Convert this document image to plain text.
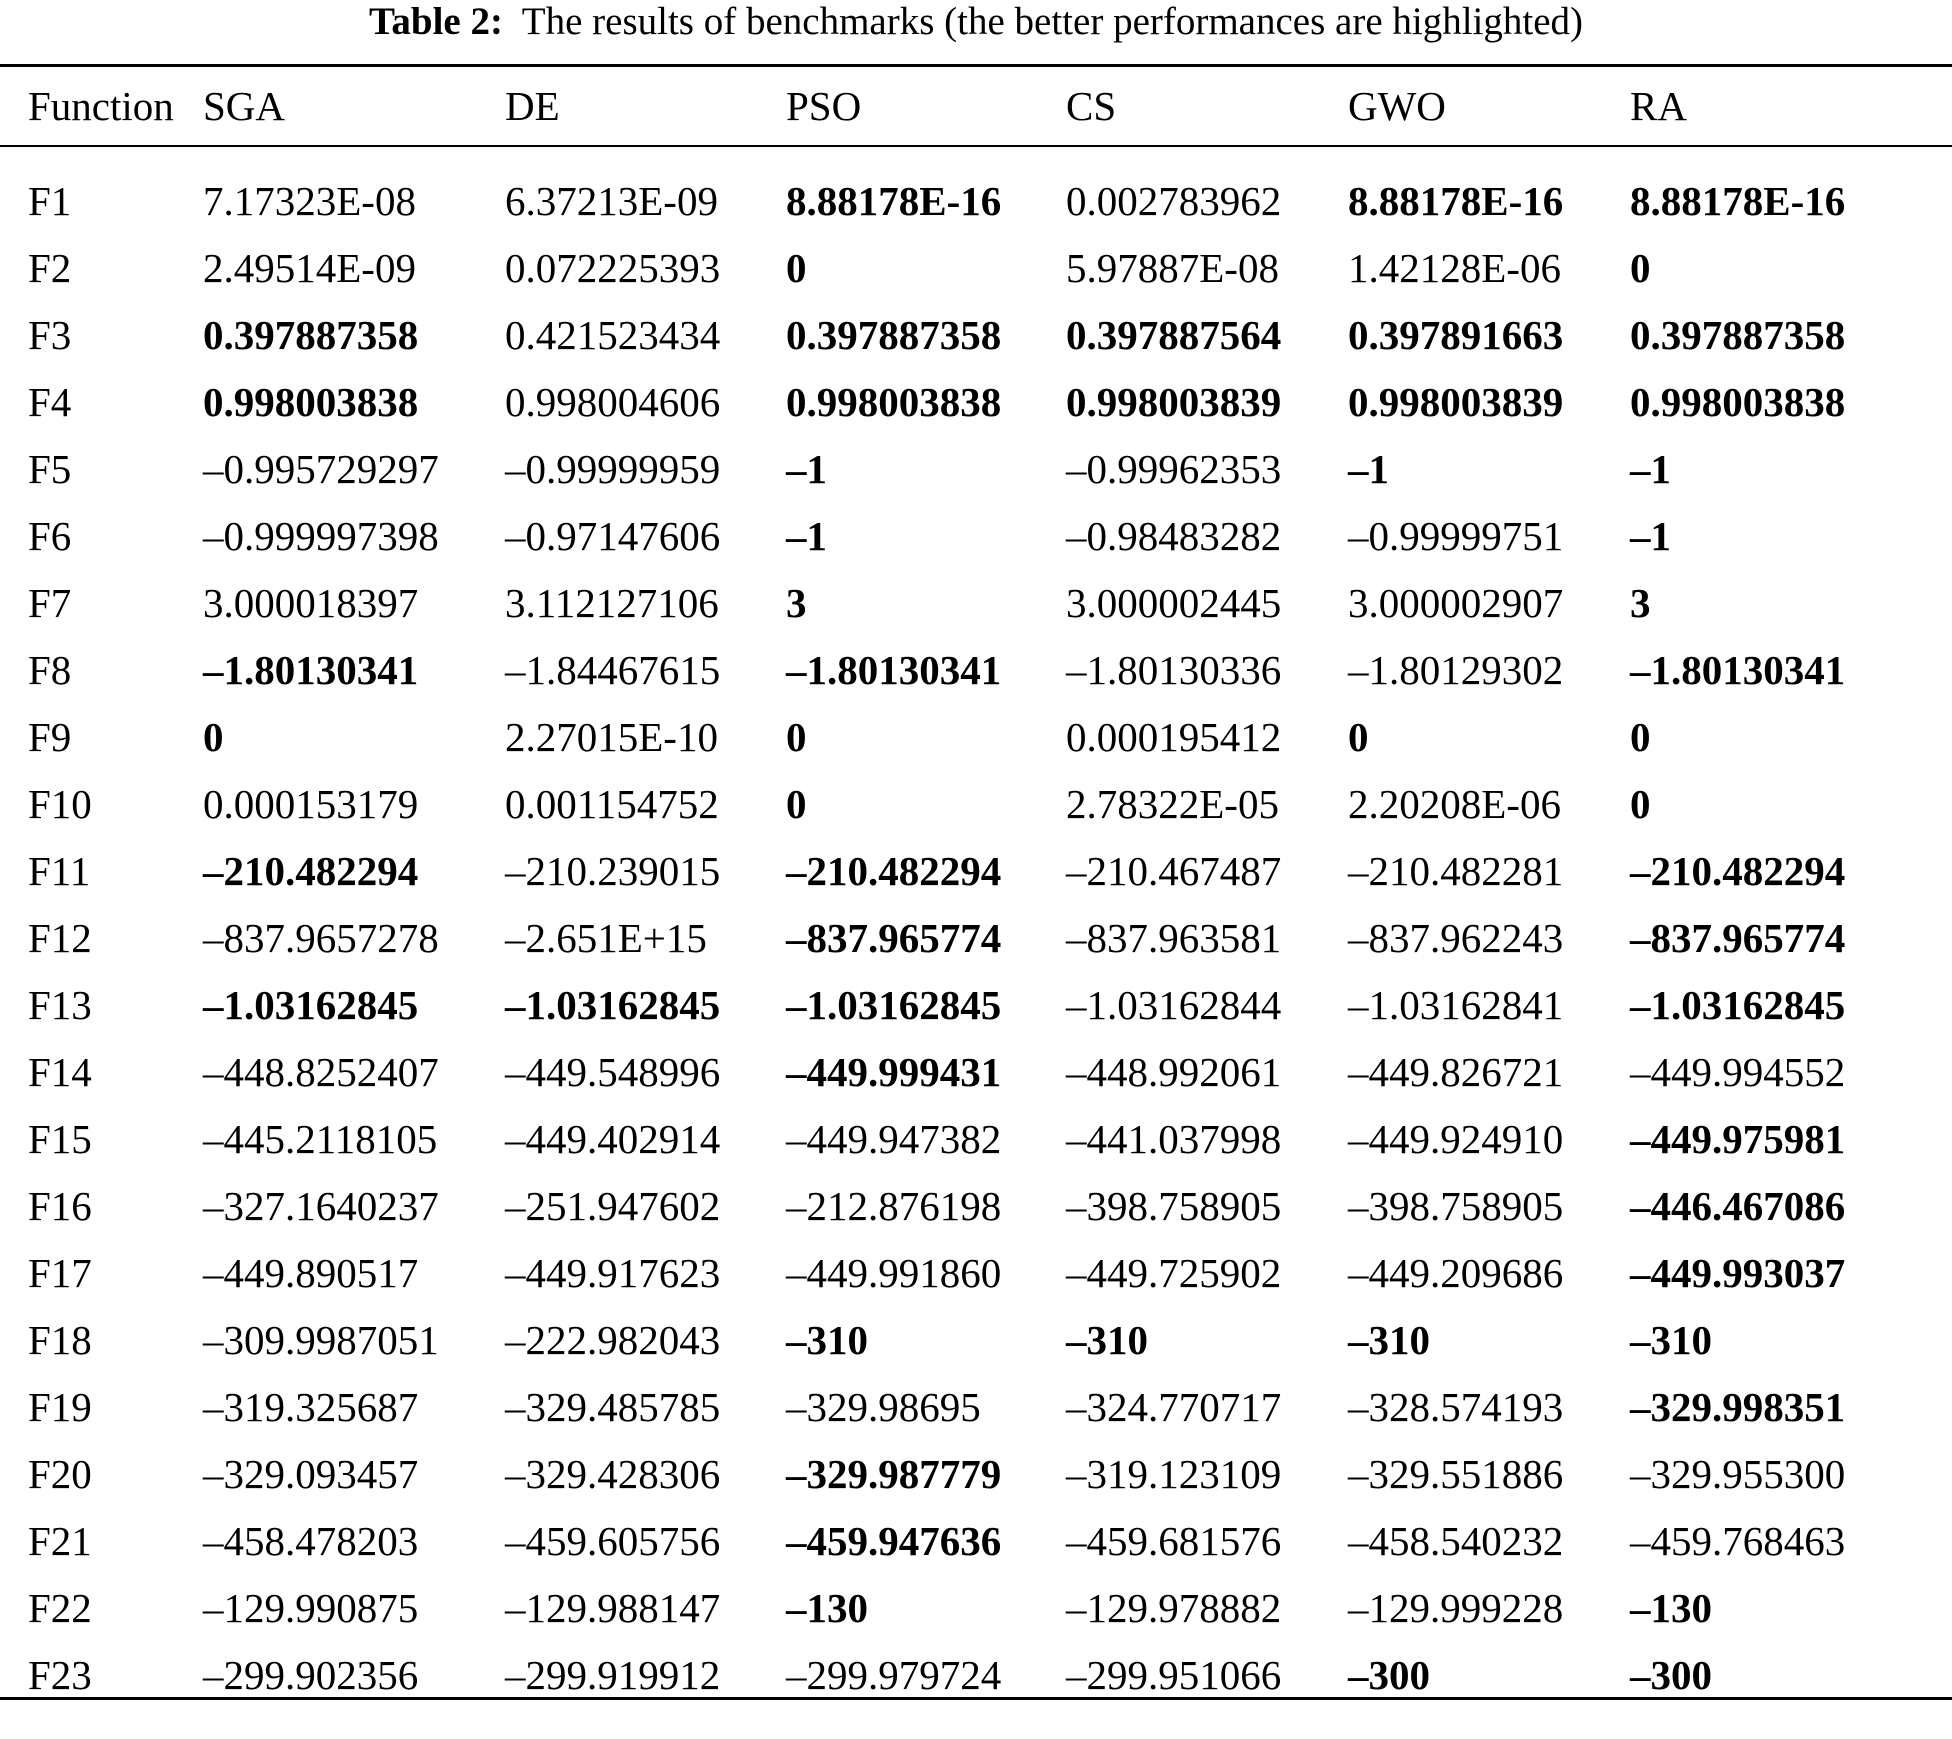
Table 2: The results of benchmarks (the better performances are highlighted)
Function	SGA	DE	PSO	CS	GWO	RA
F1	7.17323E-08	6.37213E-09	8.88178E-16	0.002783962	8.88178E-16	8.88178E-16
F2	2.49514E-09	0.072225393	0	5.97887E-08	1.42128E-06	0
F3	0.397887358	0.421523434	0.397887358	0.397887564	0.397891663	0.397887358
F4	0.998003838	0.998004606	0.998003838	0.998003839	0.998003839	0.998003838
F5	–0.995729297	–0.99999959	–1	–0.99962353	–1	–1
F6	–0.999997398	–0.97147606	–1	–0.98483282	–0.99999751	–1
F7	3.000018397	3.112127106	3	3.000002445	3.000002907	3
F8	–1.80130341	–1.84467615	–1.80130341	–1.80130336	–1.80129302	–1.80130341
F9	0	2.27015E-10	0	0.000195412	0	0
F10	0.000153179	0.001154752	0	2.78322E-05	2.20208E-06	0
F11	–210.482294	–210.239015	–210.482294	–210.467487	–210.482281	–210.482294
F12	–837.9657278	–2.651E+15	–837.965774	–837.963581	–837.962243	–837.965774
F13	–1.03162845	–1.03162845	–1.03162845	–1.03162844	–1.03162841	–1.03162845
F14	–448.8252407	–449.548996	–449.999431	–448.992061	–449.826721	–449.994552
F15	–445.2118105	–449.402914	–449.947382	–441.037998	–449.924910	–449.975981
F16	–327.1640237	–251.947602	–212.876198	–398.758905	–398.758905	–446.467086
F17	–449.890517	–449.917623	–449.991860	–449.725902	–449.209686	–449.993037
F18	–309.9987051	–222.982043	–310	–310	–310	–310
F19	–319.325687	–329.485785	–329.98695	–324.770717	–328.574193	–329.998351
F20	–329.093457	–329.428306	–329.987779	–319.123109	–329.551886	–329.955300
F21	–458.478203	–459.605756	–459.947636	–459.681576	–458.540232	–459.768463
F22	–129.990875	–129.988147	–130	–129.978882	–129.999228	–130
F23	–299.902356	–299.919912	–299.979724	–299.951066	–300	–300
